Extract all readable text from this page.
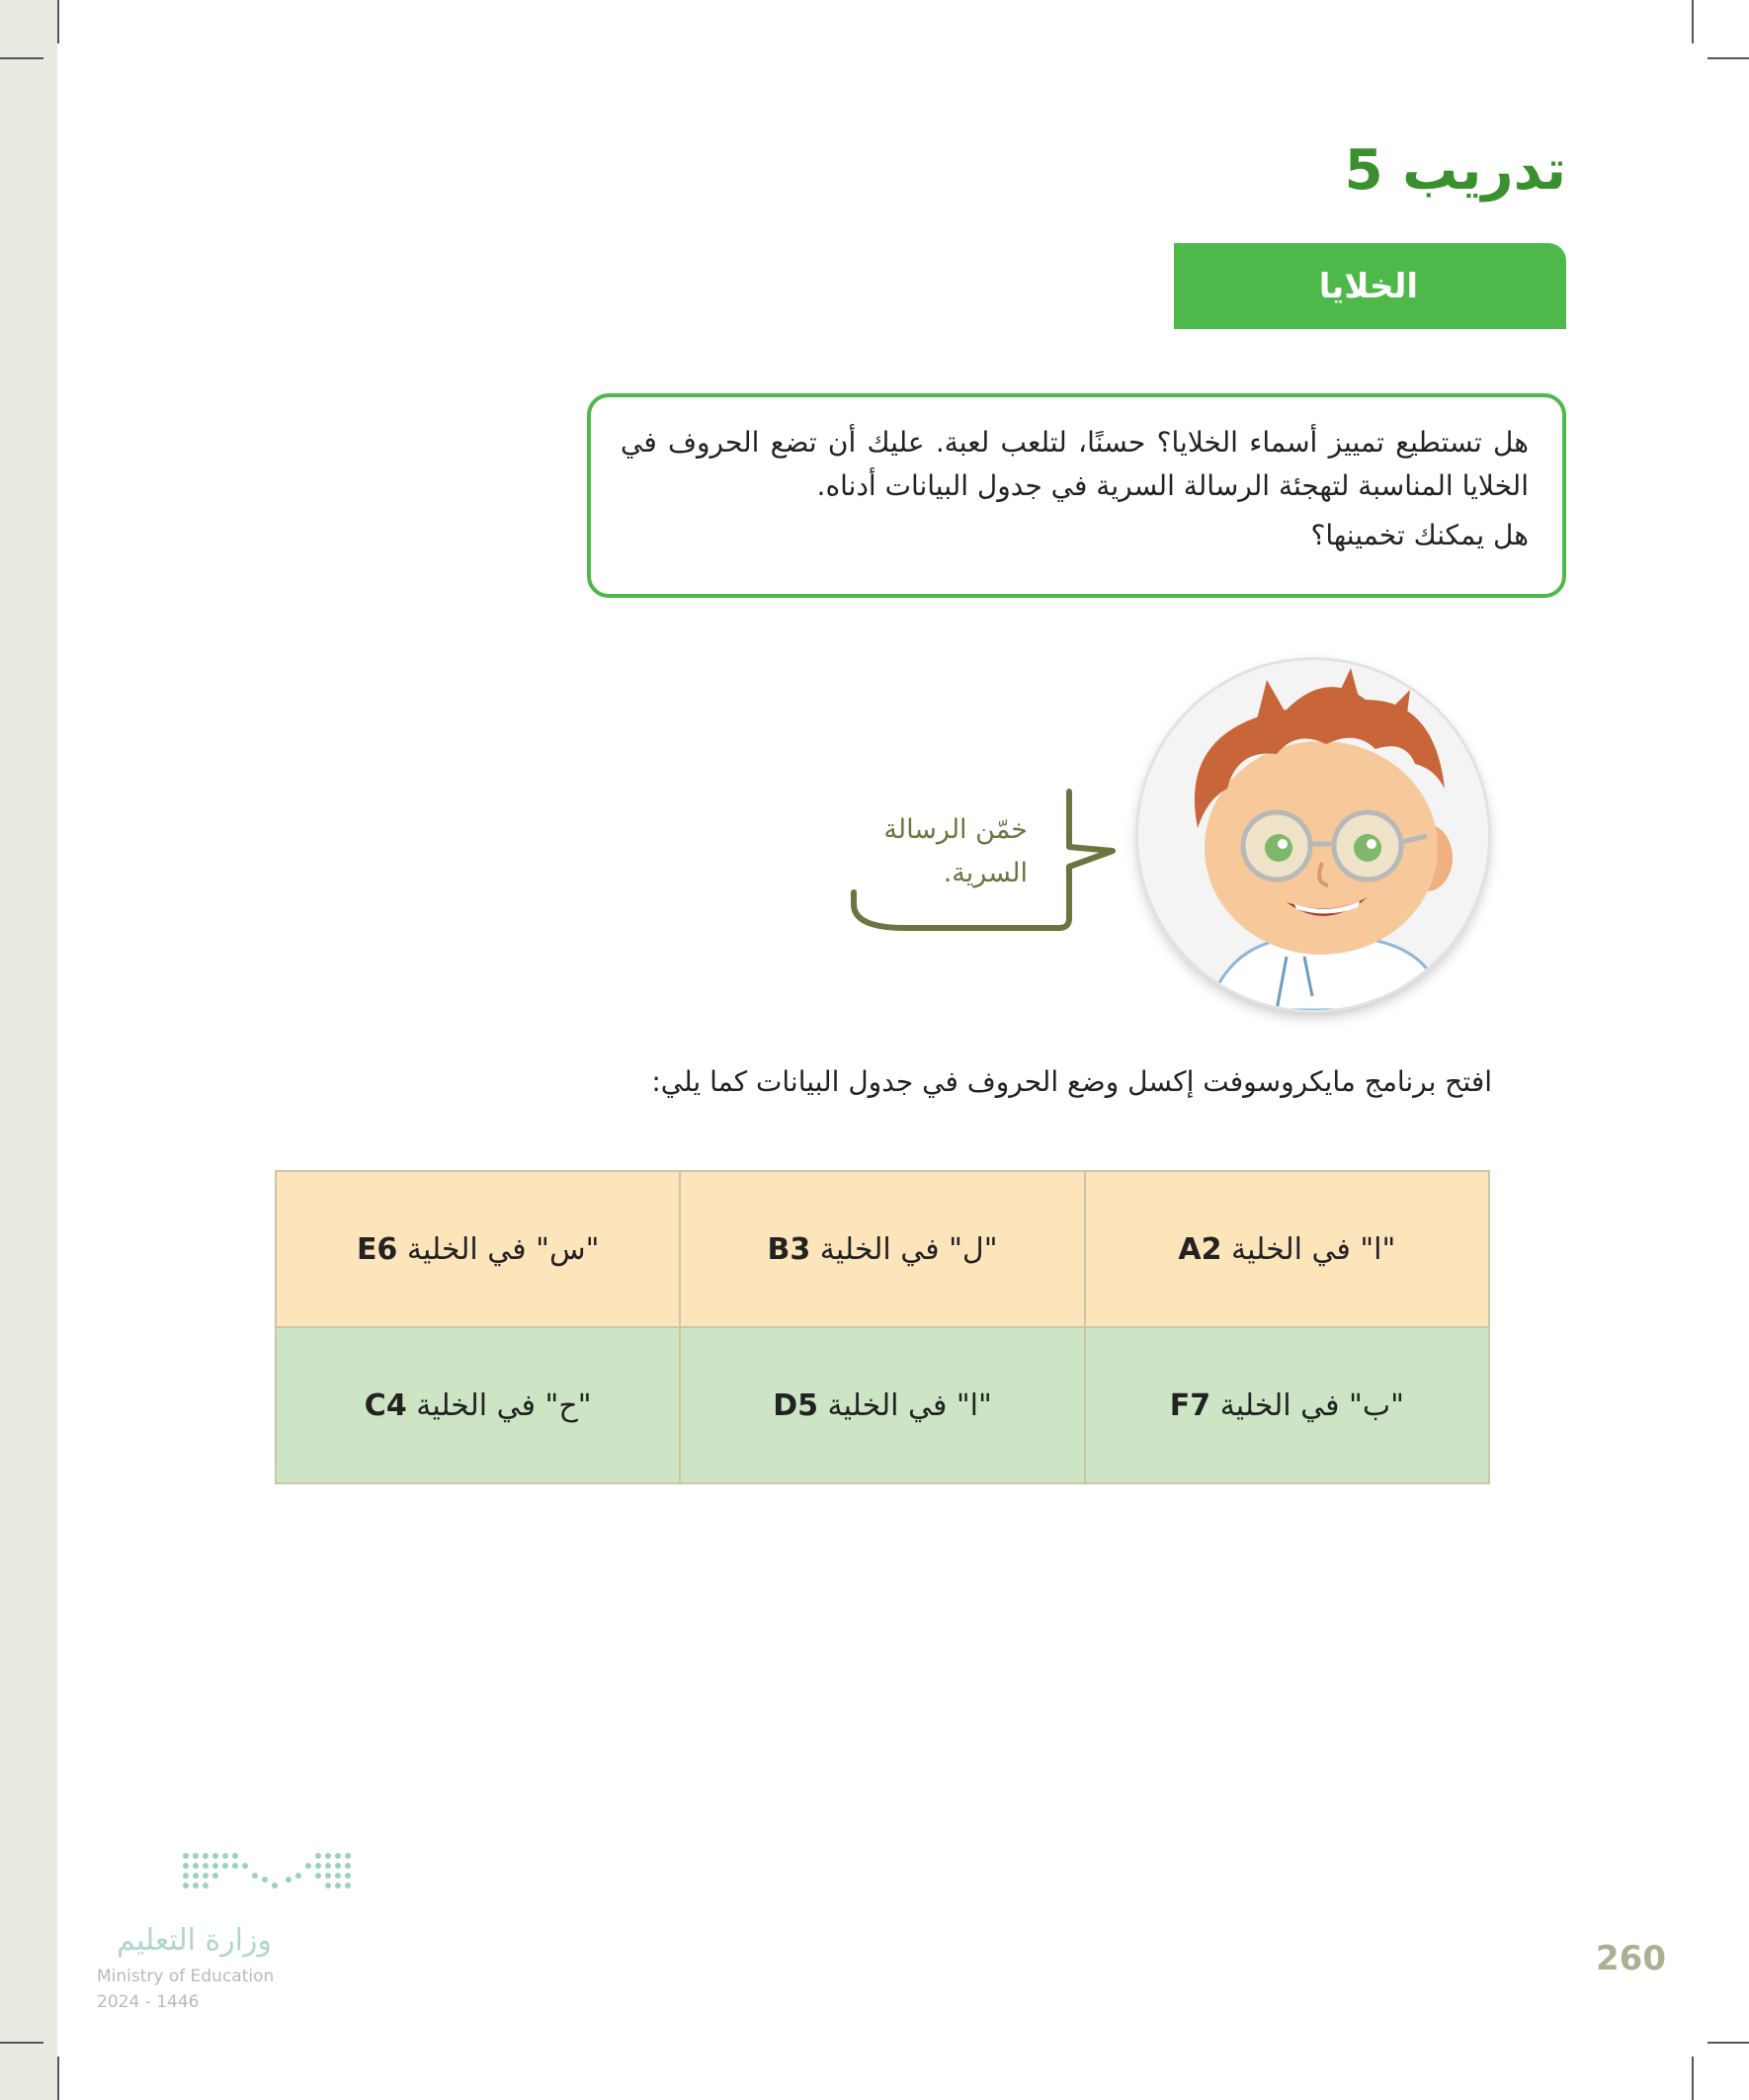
تدريب 5
الخلايا

هل تستطيع تمييز أسماء الخلايا؟ حسنًا، لتلعب لعبة. عليك أن تضع الحروف في الخلايا المناسبة لتهجئة الرسالة السرية في جدول البيانات أدناه.

هل يمكنك تخمينها؟

خمّن الرسالة
السرية.
افتح برنامج مايكروسوفت إكسل وضع الحروف في جدول البيانات كما يلي:
"ا" في الخلية A2	"ل" في الخلية B3	"س" في الخلية E6
"ب" في الخلية F7	"ا" في الخلية D5	"ح" في الخلية C4
وزارة التعليم
Ministry of Education
2024 - 1446
260
